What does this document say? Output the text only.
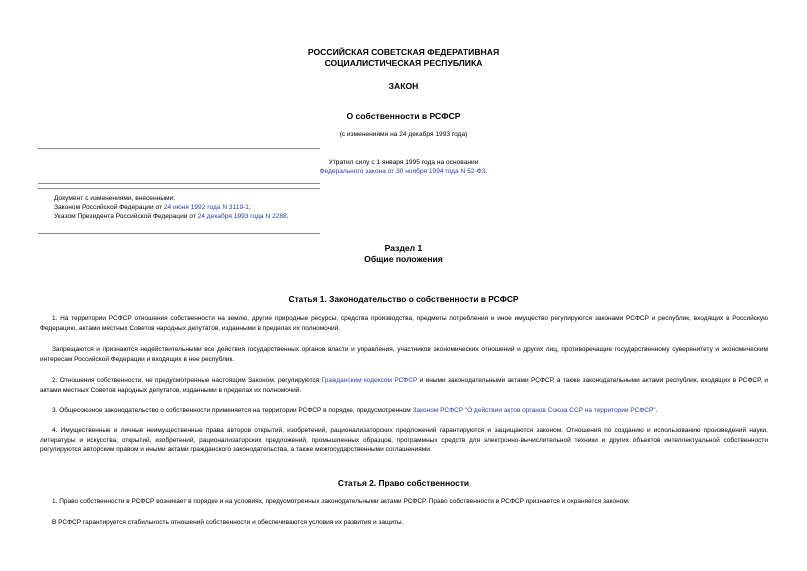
РОССИЙСКАЯ СОВЕТСКАЯ ФЕДЕРАТИВНАЯ
СОЦИАЛИСТИЧЕСКАЯ РЕСПУБЛИКА
ЗАКОН
О собственности в РСФСР
(с изменениями на 24 декабря 1993 года)
Утратил силу с 1 января 1995 года на основании
Федерального закона от 30 ноября 1994 года N 52-ФЗ.
Документ с изменениями, внесенными:
Законом Российской Федерации от 24 июня 1992 года N 3119-1;
Указом Президента Российской Федерации от 24 декабря 1993 года N 2288.
Раздел 1
Общие положения
Статья 1. Законодательство о собственности в РСФСР
1. На территории РСФСР отношения собственности на землю, другие природные ресурсы, средства производства, предметы потребления и иное имущество регулируются законами РСФСР и республик, входящих в Российскую Федерацию, актами местных Советов народных депутатов, изданными в пределах их полномочий.
Запрещаются и признаются недействительными все действия государственных органов власти и управления, участников экономических отношений и других лиц, противоречащие государственному суверенитету и экономическим интересам Российской Федерации и входящих в нее республик.
2. Отношения собственности, не предусмотренные настоящим Законом, регулируются Гражданским кодексом РСФСР и иными законодательными актами РСФСР, а также законодательными актами республик, входящих в РСФСР, и актами местных Советов народных депутатов, изданными в пределах их полномочий.
3. Общесоюзное законодательство о собственности применяется на территории РСФСР в порядке, предусмотренном Законом РСФСР "О действии актов органов Союза ССР на территории РСФСР".
4. Имущественные и личные неимущественные права авторов открытий, изобретений, рационализаторских предложений гарантируются и защищаются законом. Отношения по созданию и использованию произведений науки, литературы и искусства, открытий, изобретений, рационализаторских предложений, промышленных образцов, программных средств для электронно-вычислительной техники и других объектов интеллектуальной собственности регулируются авторским правом и иными актами гражданского законодательства, а также межгосударственными соглашениями.
Статья 2. Право собственности
1. Право собственности в РСФСР возникает в порядке и на условиях, предусмотренных законодательными актами РСФСР. Право собственности в РСФСР признается и охраняется законом.
В РСФСР гарантируется стабильность отношений собственности и обеспечиваются условия их развития и защиты.
